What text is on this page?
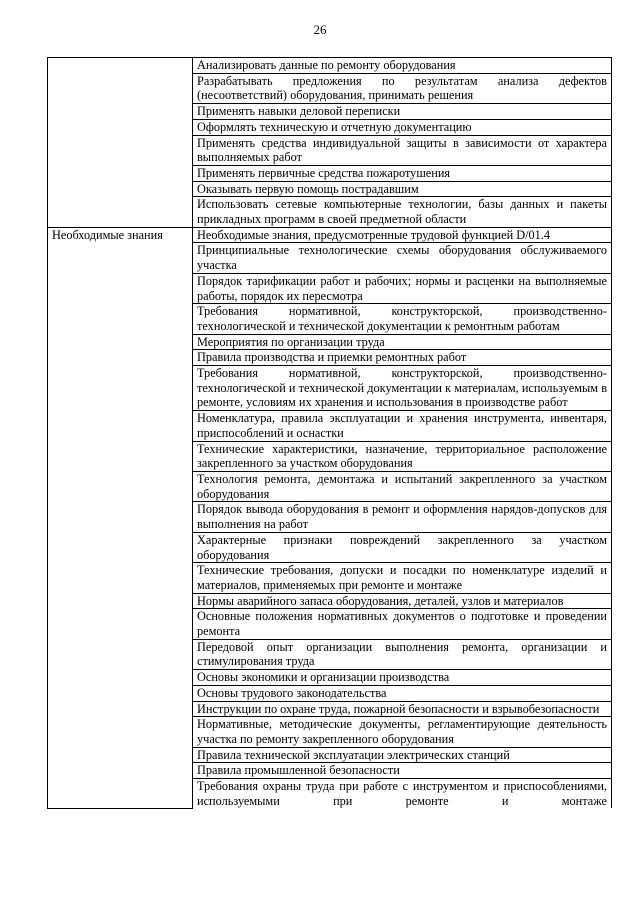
26
	Анализировать данные по ремонту оборудования
	Разрабатывать предложения по результатам анализа дефектов (несоответствий) оборудования, принимать решения
	Применять навыки деловой переписки
	Оформлять техническую и отчетную документацию
	Применять средства индивидуальной защиты в зависимости от характера выполняемых работ
	Применять первичные средства пожаротушения
	Оказывать первую помощь пострадавшим
	Использовать сетевые компьютерные технологии, базы данных и пакеты прикладных программ в своей предметной области
Необходимые знания	Необходимые знания, предусмотренные трудовой функцией D/01.4
	Принципиальные технологические схемы оборудования обслуживаемого участка
	Порядок тарификации работ и рабочих; нормы и расценки на выполняемые работы, порядок их пересмотра
	Требования нормативной, конструкторской, производственно-технологической и технической документации к ремонтным работам
	Мероприятия по организации труда
	Правила производства и приемки ремонтных работ
	Требования нормативной, конструкторской, производственно-технологической и технической документации к материалам, используемым в ремонте, условиям их хранения и использования в производстве работ
	Номенклатура, правила эксплуатации и хранения инструмента, инвентаря, приспособлений и оснастки
	Технические характеристики, назначение, территориальное расположение закрепленного за участком оборудования
	Технология ремонта, демонтажа и испытаний закрепленного за участком оборудования
	Порядок вывода оборудования в ремонт и оформления нарядов-допусков для выполнения на работ
	Характерные признаки повреждений закрепленного за участком оборудования
	Технические требования, допуски и посадки по номенклатуре изделий и материалов, применяемых при ремонте и монтаже
	Нормы аварийного запаса оборудования, деталей, узлов и материалов
	Основные положения нормативных документов о подготовке и проведении ремонта
	Передовой опыт организации выполнения ремонта, организации и стимулирования труда
	Основы экономики и организации производства
	Основы трудового законодательства
	Инструкции по охране труда, пожарной безопасности и взрывобезопасности
	Нормативные, методические документы, регламентирующие деятельность участка по ремонту закрепленного оборудования
	Правила технической эксплуатации электрических станций
	Правила промышленной безопасности
	Требования охраны труда при работе с инструментом и приспособлениями, используемыми при ремонте и монтаже
